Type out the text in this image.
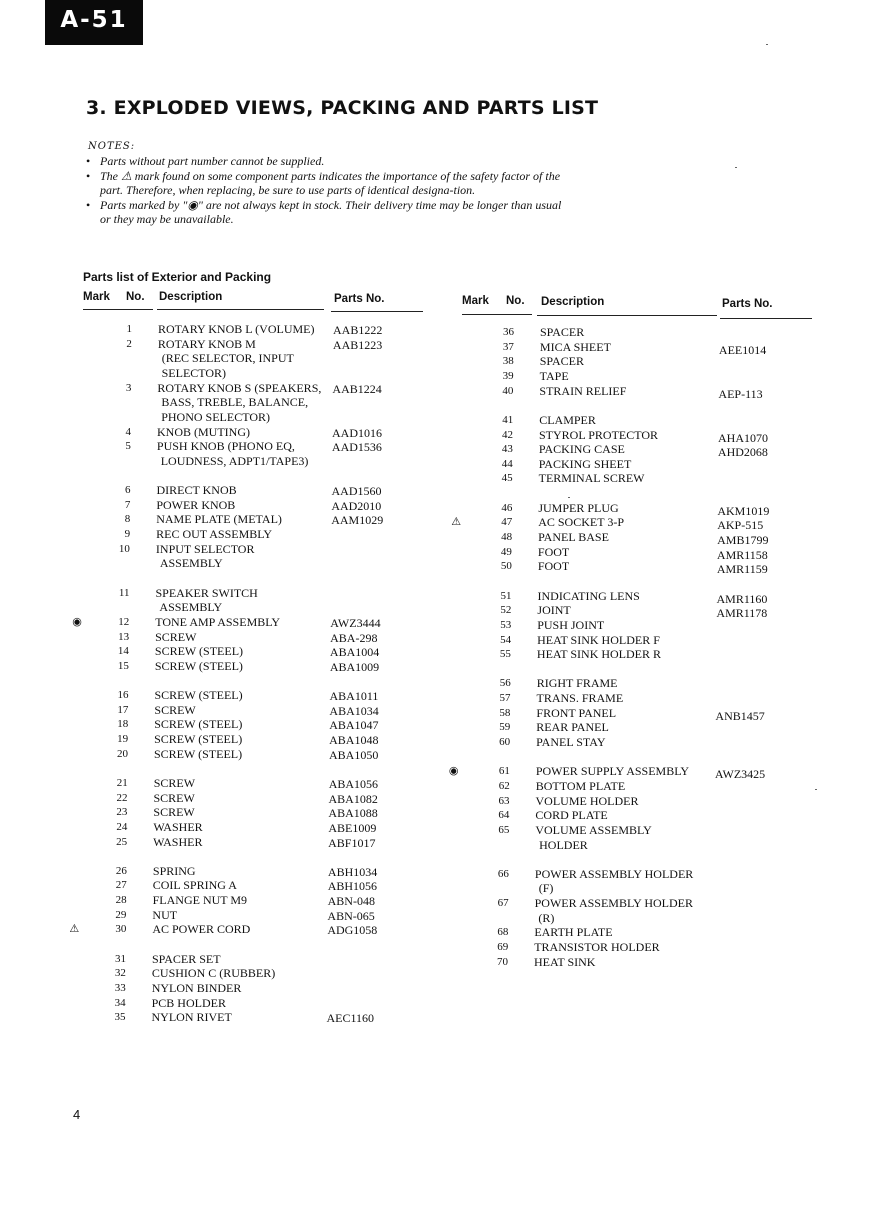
A-51
3. EXPLODED VIEWS, PACKING AND PARTS LIST
NOTES:
• Parts without part number cannot be supplied.
• The ⚠ mark found on some component parts indicates the importance of the safety factor of the part. Therefore, when replacing, be sure to use parts of identical designa-tion.
• Parts marked by "◉" are not always kept in stock. Their delivery time may be longer than usual or they may be unavailable.
Parts list of Exterior and Packing
Mark No. Description	Parts No.	Mark No. Description	Parts No.
1 ROTARY KNOB L (VOLUME) AAB1222
2 ROTARY KNOB M	AAB1223
(REC SELECTOR, INPUT
SELECTOR)
3 ROTARY KNOB S (SPEAKERS, AAB1224
BASS, TREBLE, BALANCE,
PHONO SELECTOR)
4 KNOB (MUTING)	AAD1016
5 PUSH KNOB (PHONO EQ,	AAD1536
LOUDNESS, ADPT1/TAPE3)
6 DIRECT KNOB	AAD1560
7 POWER KNOB	AAD2010
8 NAME PLATE (METAL)	AAM1029
9 REC OUT ASSEMBLY
10 INPUT SELECTOR
ASSEMBLY
11 SPEAKER SWITCH
ASSEMBLY
◉	12 TONE AMP ASSEMBLY	AWZ3444
13 SCREW	ABA-298
14 SCREW (STEEL)	ABA1004
15 SCREW (STEEL)	ABA1009
16 SCREW (STEEL)	ABA1011
17 SCREW	ABA1034
18 SCREW (STEEL)	ABA1047
19 SCREW (STEEL)	ABA1048
20 SCREW (STEEL)	ABA1050
21 SCREW	ABA1056
22 SCREW	ABA1082
23 SCREW	ABA1088
24 WASHER	ABE1009
25 WASHER	ABF1017
26 SPRING	ABH1034
27 COIL SPRING A	ABH1056
28 FLANGE NUT M9	ABN-048
29 NUT	ABN-065
⚠	30 AC POWER CORD	ADG1058
31 SPACER SET
32 CUSHION C (RUBBER)
33 NYLON BINDER
34 PCB HOLDER
35 NYLON RIVET	AEC1160
36 SPACER
37 MICA SHEET	AEE1014
38 SPACER
39 TAPE
40 STRAIN RELIEF	AEP-113
41 CLAMPER
42 STYROL PROTECTOR	AHA1070
43 PACKING CASE	AHD2068
44 PACKING SHEET
45 TERMINAL SCREW
46 JUMPER PLUG	AKM1019
⚠	47 AC SOCKET 3-P	AKP-515
48 PANEL BASE	AMB1799
49 FOOT	AMR1158
50 FOOT	AMR1159
51 INDICATING LENS	AMR1160
52 JOINT	AMR1178
53 PUSH JOINT
54 HEAT SINK HOLDER F
55 HEAT SINK HOLDER R
56 RIGHT FRAME
57 TRANS. FRAME
58 FRONT PANEL	ANB1457
59 REAR PANEL
60 PANEL STAY
◉	61 POWER SUPPLY ASSEMBLY AWZ3425
62 BOTTOM PLATE
63 VOLUME HOLDER
64 CORD PLATE
65 VOLUME ASSEMBLY
HOLDER
66 POWER ASSEMBLY HOLDER
(F)
67 POWER ASSEMBLY HOLDER
(R)
68 EARTH PLATE
69 TRANSISTOR HOLDER
70 HEAT SINK
4
